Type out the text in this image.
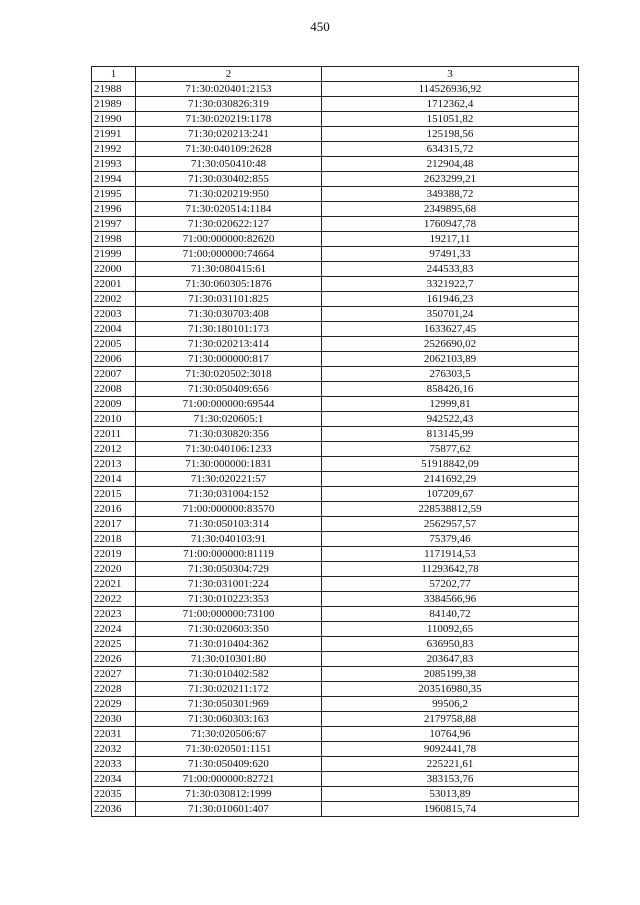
450
1	2	3
21988	71:30:020401:2153	114526936,92
21989	71:30:030826:319	1712362,4
21990	71:30:020219:1178	151051,82
21991	71:30:020213:241	125198,56
21992	71:30:040109:2628	634315,72
21993	71:30:050410:48	212904,48
21994	71:30:030402:855	2623299,21
21995	71:30:020219:950	349388,72
21996	71:30:020514:1184	2349895,68
21997	71:30:020622:127	1760947,78
21998	71:00:000000:82620	19217,11
21999	71:00:000000:74664	97491,33
22000	71:30:080415:61	244533,83
22001	71:30:060305:1876	3321922,7
22002	71:30:031101:825	161946,23
22003	71:30:030703:408	350701,24
22004	71:30:180101:173	1633627,45
22005	71:30:020213:414	2526690,02
22006	71:30:000000:817	2062103,89
22007	71:30:020502:3018	276303,5
22008	71:30:050409:656	858426,16
22009	71:00:000000:69544	12999,81
22010	71:30:020605:1	942522,43
22011	71:30:030820:356	813145,99
22012	71:30:040106:1233	75877,62
22013	71:30:000000:1831	51918842,09
22014	71:30:020221:57	2141692,29
22015	71:30:031004:152	107209,67
22016	71:00:000000:83570	228538812,59
22017	71:30:050103:314	2562957,57
22018	71:30:040103:91	75379,46
22019	71:00:000000:81119	1171914,53
22020	71:30:050304:729	11293642,78
22021	71:30:031001:224	57202,77
22022	71:30:010223:353	3384566,96
22023	71:00:000000:73100	84140,72
22024	71:30:020603:350	110092,65
22025	71:30:010404:362	636950,83
22026	71:30:010301:80	203647,83
22027	71:30:010402:582	2085199,38
22028	71:30:020211:172	203516980,35
22029	71:30:050301:969	99506,2
22030	71:30:060303:163	2179758,88
22031	71:30:020506:67	10764,96
22032	71:30:020501:1151	9092441,78
22033	71:30:050409:620	225221,61
22034	71:00:000000:82721	383153,76
22035	71:30:030812:1999	53013,89
22036	71:30:010601:407	1960815,74
